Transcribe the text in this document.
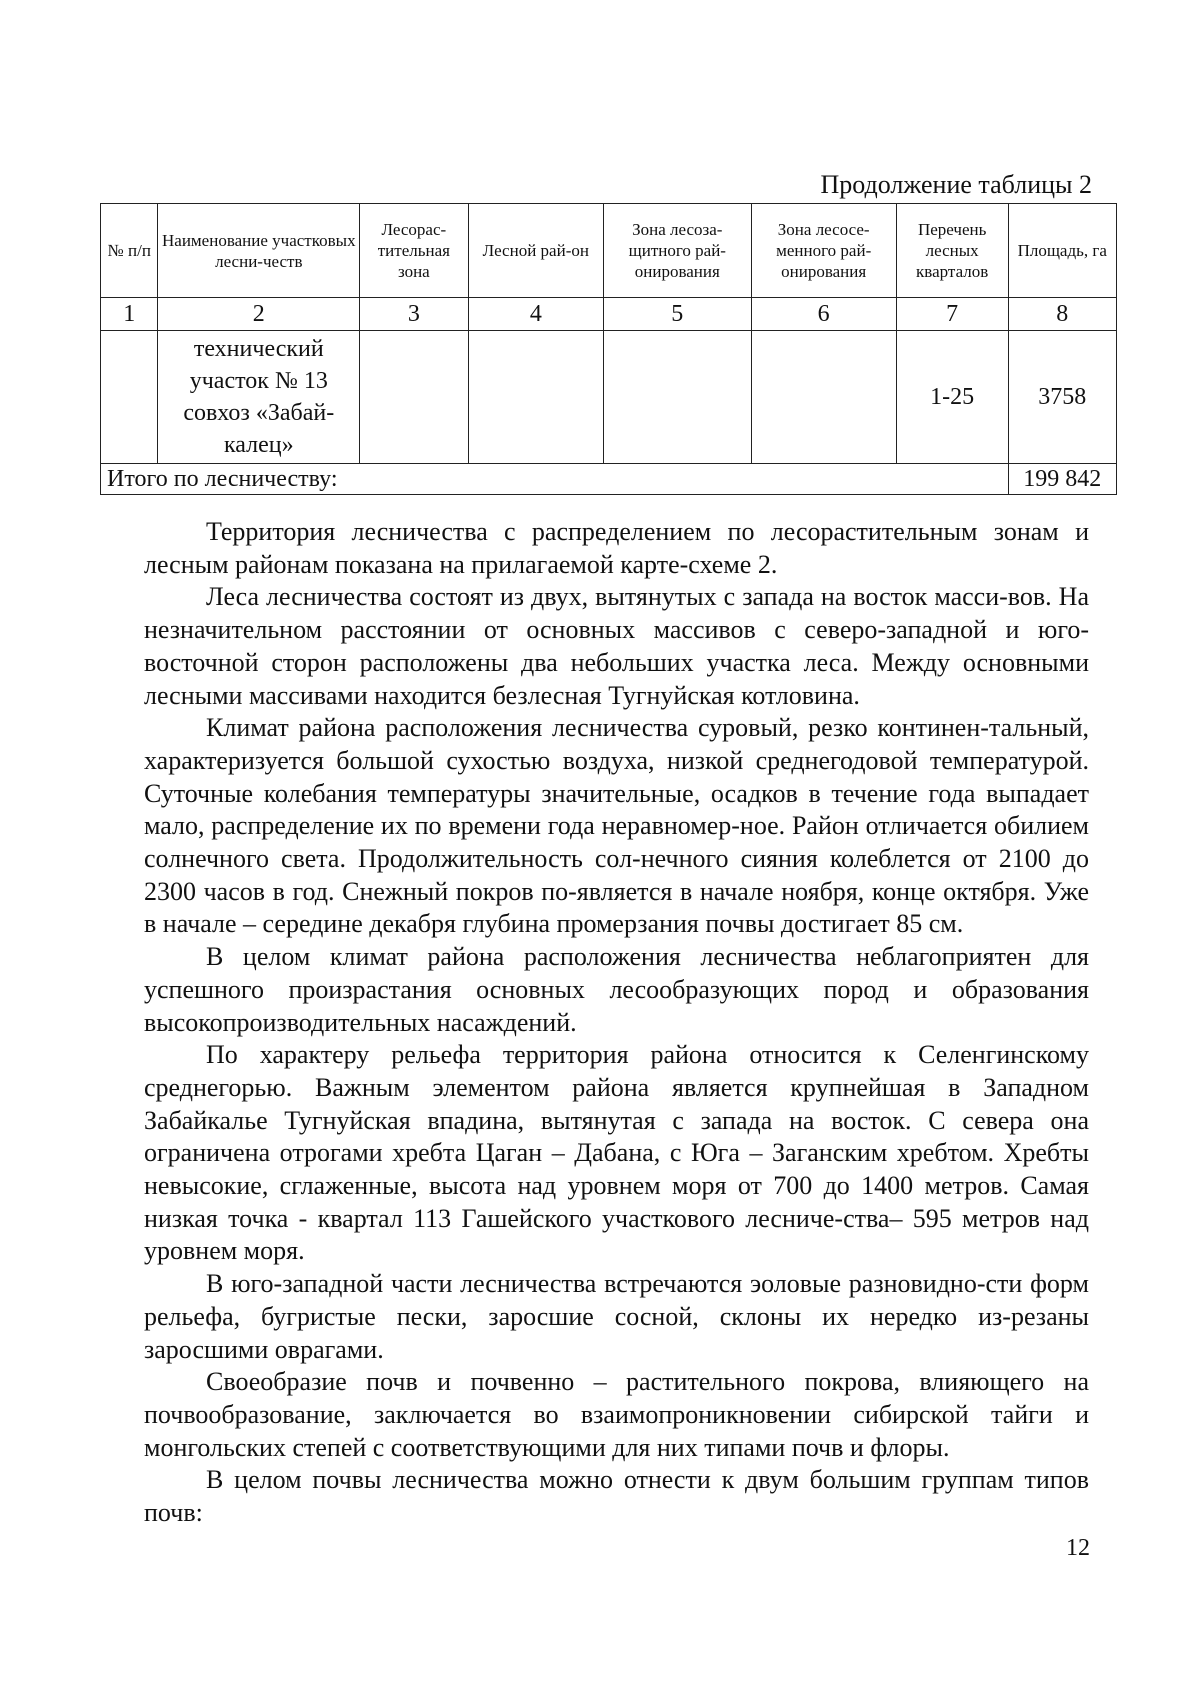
Продолжение таблицы 2
№ п/п	Наименование участковых лесни-честв	Лесорас-тительная зона	Лесной рай-он	Зона лесоза-щитного рай-онирования	Зона лесосе-менного рай-онирования	Перечень лесных кварталов	Площадь, га
1	2	3	4	5	6	7	8
	технический участок № 13 совхоз «Забай-калец»					1-25	3758
Итого по лесничеству:							199 842

Территория лесничества с распределением по лесорастительным зонам и лесным районам показана на прилагаемой карте-схеме 2.

Леса лесничества состоят из двух, вытянутых с запада на восток масси-вов. На незначительном расстоянии от основных массивов с северо-западной и юго-восточной сторон расположены два небольших участка леса. Между основными лесными массивами находится безлесная Тугнуйская котловина.

Климат района расположения лесничества суровый, резко континен-тальный, характеризуется большой сухостью воздуха, низкой среднегодовой температурой. Суточные колебания температуры значительные, осадков в течение года выпадает мало, распределение их по времени года неравномер-ное. Район отличается обилием солнечного света. Продолжительность сол-нечного сияния колеблется от 2100 до 2300 часов в год. Снежный покров по-является в начале ноября, конце октября. Уже в начале – середине декабря глубина промерзания почвы достигает 85 см.

В целом климат района расположения лесничества неблагоприятен для успешного произрастания основных лесообразующих пород и образования высокопроизводительных насаждений.

По характеру рельефа территория района относится к Селенгинскому среднегорью. Важным элементом района является крупнейшая в Западном Забайкалье Тугнуйская впадина, вытянутая с запада на восток. С севера она ограничена отрогами хребта Цаган – Дабана, с Юга – Заганским хребтом. Хребты невысокие, сглаженные, высота над уровнем моря от 700 до 1400 метров. Самая низкая точка - квартал 113 Гашейского участкового лесниче-ства– 595 метров над уровнем моря.

В юго-западной части лесничества встречаются эоловые разновидно-сти форм рельефа, бугристые пески, заросшие сосной, склоны их нередко из-резаны заросшими оврагами.

Своеобразие почв и почвенно – растительного покрова, влияющего на почвообразование, заключается во взаимопроникновении сибирской тайги и монгольских степей с соответствующими для них типами почв и флоры.

В целом почвы лесничества можно отнести к двум большим группам типов почв:

12
